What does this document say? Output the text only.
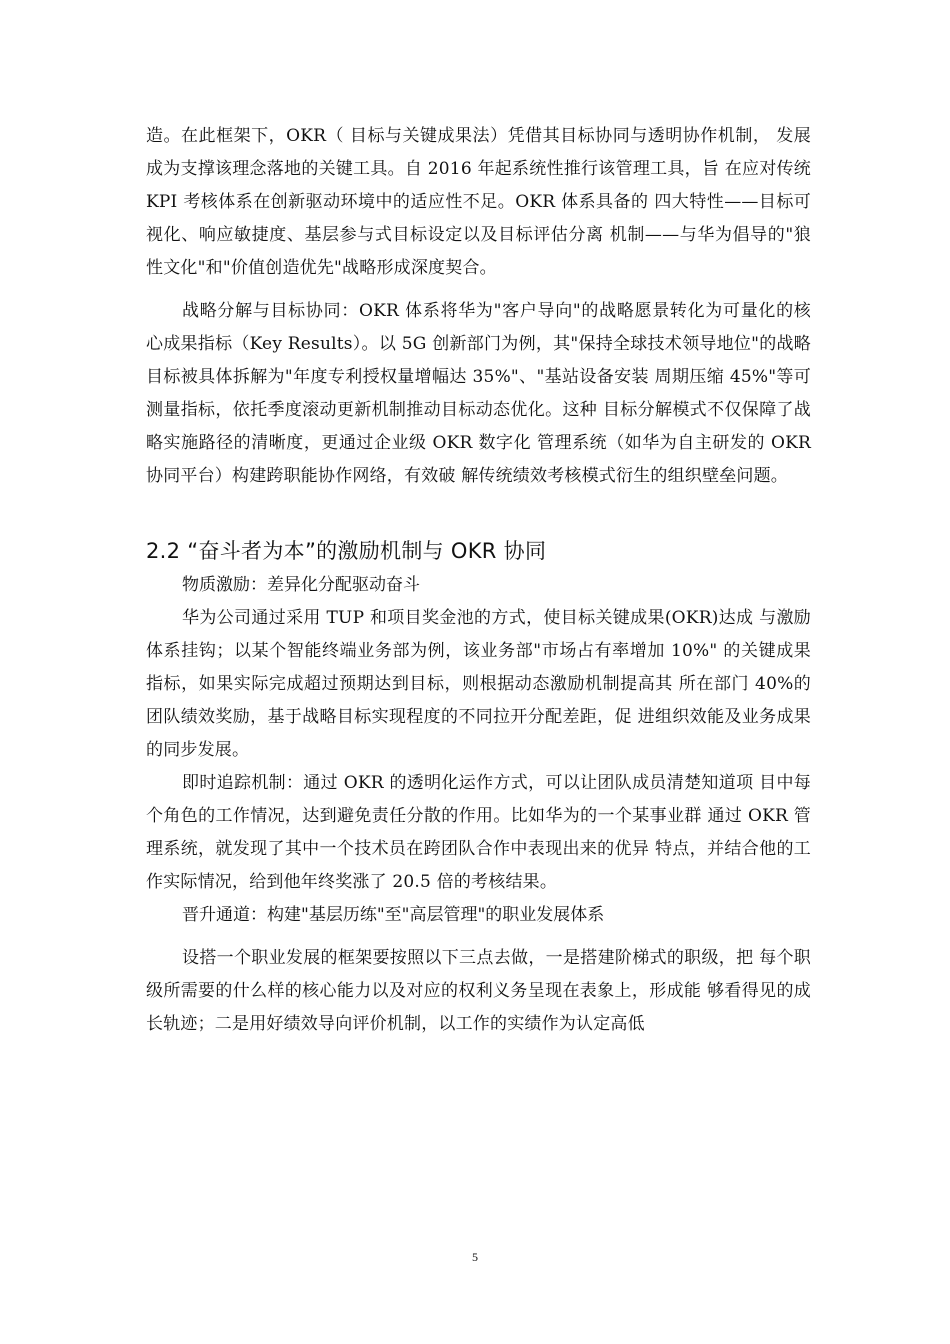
造。在此框架下，OKR（ 目标与关键成果法）凭借其目标协同与透明协作机制， 发展成为支撑该理念落地的关键工具。自 2016 年起系统性推行该管理工具，旨 在应对传统 KPI 考核体系在创新驱动环境中的适应性不足。OKR 体系具备的 四大特性——目标可视化、响应敏捷度、基层参与式目标设定以及目标评估分离 机制——与华为倡导的"狼性文化"和"价值创造优先"战略形成深度契合。

战略分解与目标协同：OKR 体系将华为"客户导向"的战略愿景转化为可量化的核心成果指标（Key Results）。以 5G 创新部门为例，其"保持全球技术领导地位"的战略目标被具体拆解为"年度专利授权量增幅达 35%"、"基站设备安装 周期压缩 45%"等可测量指标，依托季度滚动更新机制推动目标动态优化。这种 目标分解模式不仅保障了战略实施路径的清晰度，更通过企业级 OKR 数字化 管理系统（如华为自主研发的 OKR 协同平台）构建跨职能协作网络，有效破 解传统绩效考核模式衍生的组织壁垒问题。

2.2 “奋斗者为本”的激励机制与 OKR 协同

物质激励：差异化分配驱动奋斗

华为公司通过采用 TUP 和项目奖金池的方式，使目标关键成果(OKR)达成 与激励体系挂钩；以某个智能终端业务部为例，该业务部"市场占有率增加 10%" 的关键成果指标，如果实际完成超过预期达到目标，则根据动态激励机制提高其 所在部门 40%的团队绩效奖励，基于战略目标实现程度的不同拉开分配差距，促 进组织效能及业务成果的同步发展。

即时追踪机制：通过 OKR 的透明化运作方式，可以让团队成员清楚知道项 目中每个角色的工作情况，达到避免责任分散的作用。比如华为的一个某事业群 通过 OKR 管理系统，就发现了其中一个技术员在跨团队合作中表现出来的优异 特点，并结合他的工作实际情况，给到他年终奖涨了 20.5 倍的考核结果。

晋升通道：构建"基层历练"至"高层管理"的职业发展体系

设搭一个职业发展的框架要按照以下三点去做，一是搭建阶梯式的职级，把 每个职级所需要的什么样的核心能力以及对应的权利义务呈现在表象上，形成能 够看得见的成长轨迹；二是用好绩效导向评价机制，以工作的实绩作为认定高低

5
